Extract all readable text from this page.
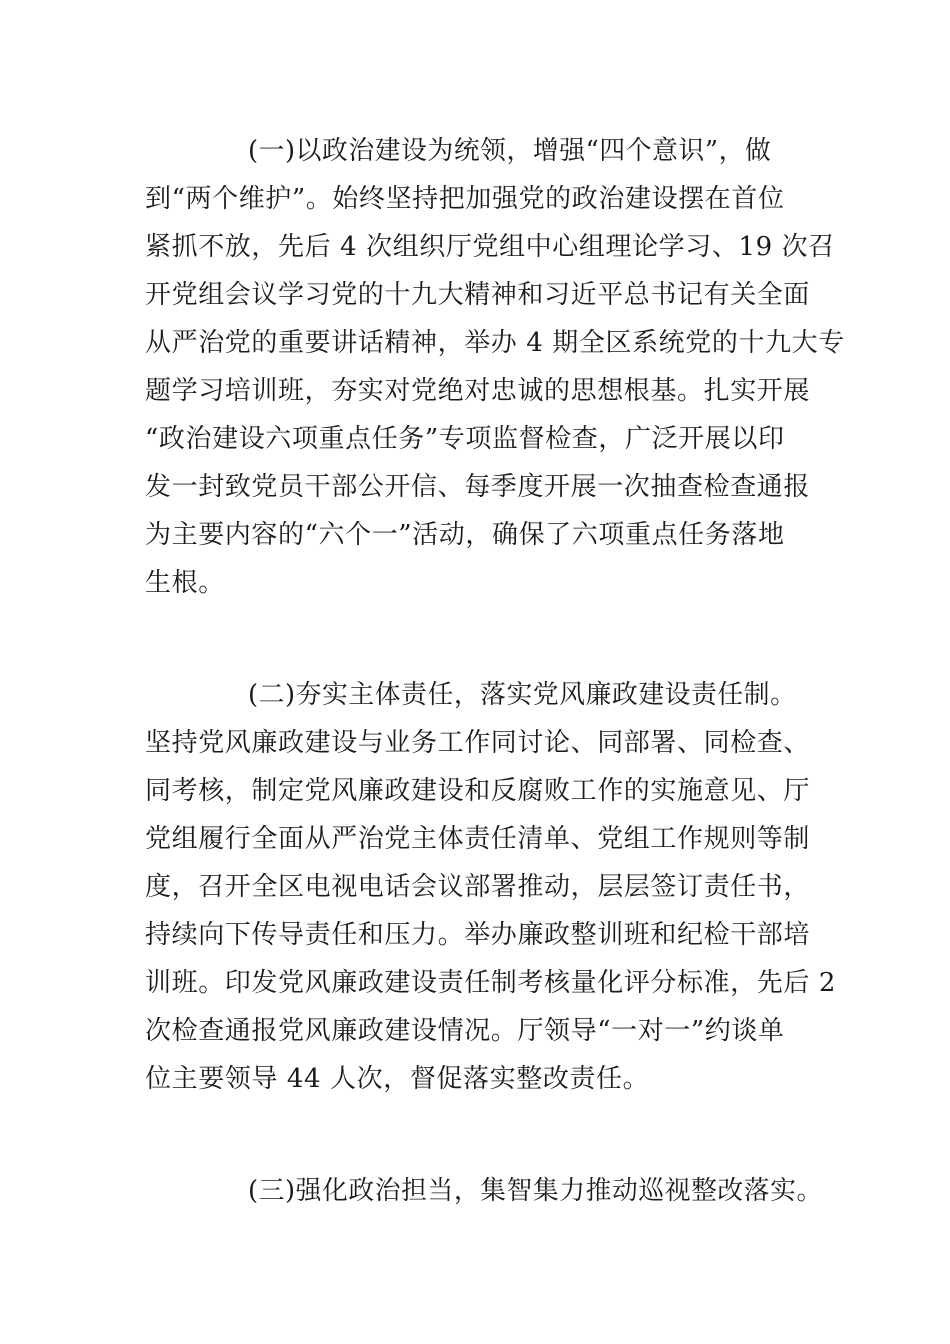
(一)以政治建设为统领，增强“四个意识”，做
到“两个维护”。始终坚持把加强党的政治建设摆在首位
紧抓不放，先后 4 次组织厅党组中心组理论学习、19 次召
开党组会议学习党的十九大精神和习近平总书记有关全面
从严治党的重要讲话精神，举办 4 期全区系统党的十九大专
题学习培训班，夯实对党绝对忠诚的思想根基。扎实开展
“政治建设六项重点任务”专项监督检查，广泛开展以印
发一封致党员干部公开信、每季度开展一次抽查检查通报
为主要内容的“六个一”活动，确保了六项重点任务落地
生根。
(二)夯实主体责任，落实党风廉政建设责任制。
坚持党风廉政建设与业务工作同讨论、同部署、同检查、
同考核，制定党风廉政建设和反腐败工作的实施意见、厅
党组履行全面从严治党主体责任清单、党组工作规则等制
度，召开全区电视电话会议部署推动，层层签订责任书，
持续向下传导责任和压力。举办廉政整训班和纪检干部培
训班。印发党风廉政建设责任制考核量化评分标准，先后 2
次检查通报党风廉政建设情况。厅领导“一对一”约谈单
位主要领导 44 人次，督促落实整改责任。
(三)强化政治担当，集智集力推动巡视整改落实。
